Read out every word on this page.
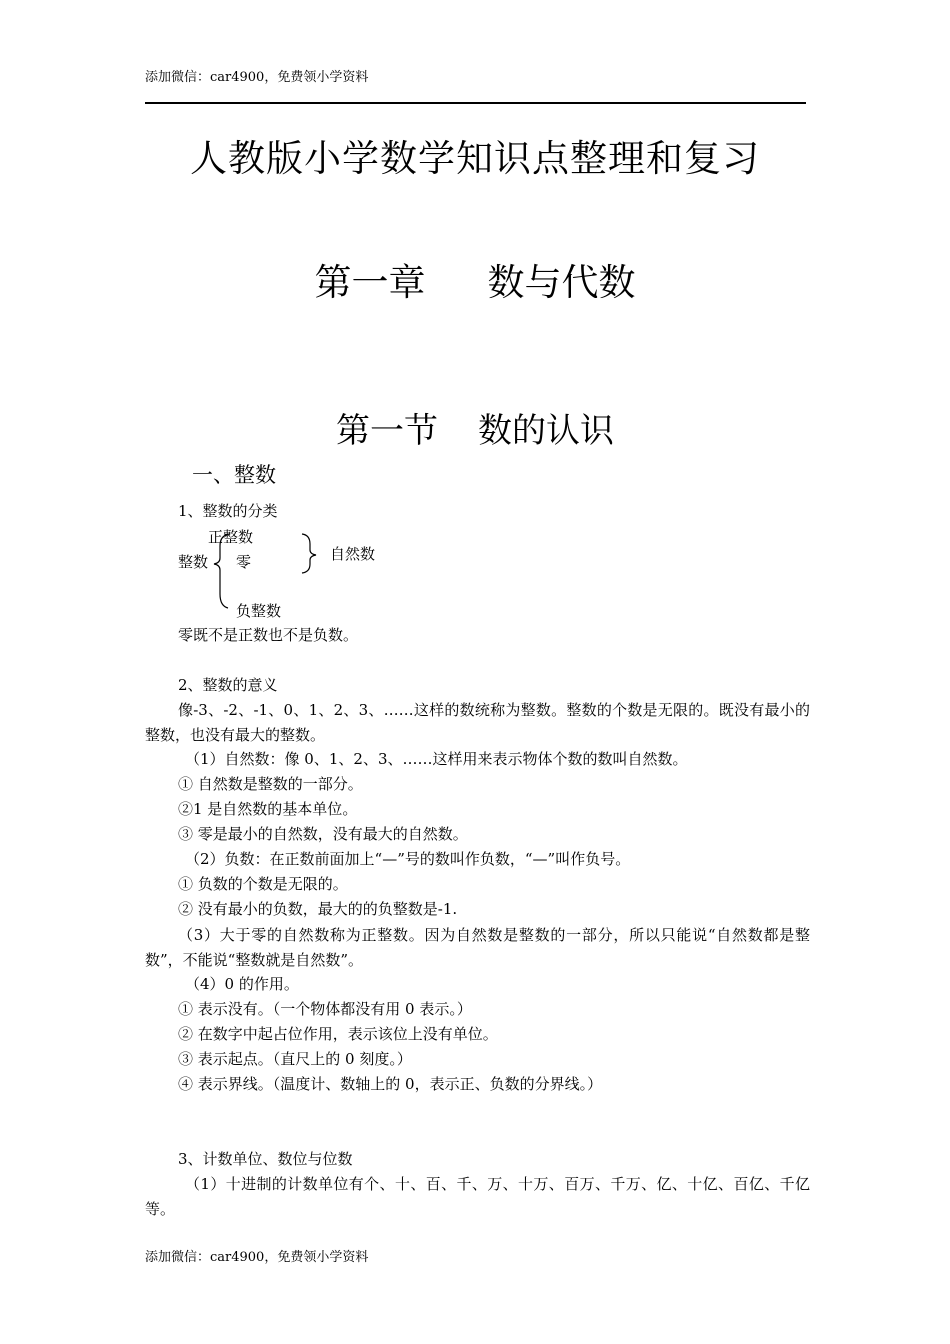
添加微信：car4900，免费领小学资料
人教版小学数学知识点整理和复习
第一章 数与代数
第一节 数的认识
一、整数
1、整数的分类
正整数
整数 零
负整数
自然数
零既不是正数也不是负数。
2、整数的意义
像-3、-2、-1、0、1、2、3、……这样的数统称为整数。整数的个数是无限的。既没有最小的整数，也没有最大的整数。
（1）自然数：像 0、1、2、3、……这样用来表示物体个数的数叫自然数。
① 自然数是整数的一部分。
②1 是自然数的基本单位。
③ 零是最小的自然数，没有最大的自然数。
（2）负数：在正数前面加上“—”号的数叫作负数，“—”叫作负号。
① 负数的个数是无限的。
② 没有最小的负数，最大的的负整数是-1.
（3）大于零的自然数称为正整数。因为自然数是整数的一部分，所以只能说“自然数都是整数”，不能说“整数就是自然数”。
（4）0 的作用。
① 表示没有。（一个物体都没有用 0 表示。）
② 在数字中起占位作用，表示该位上没有单位。
③ 表示起点。（直尺上的 0 刻度。）
④ 表示界线。（温度计、数轴上的 0，表示正、负数的分界线。）
3、计数单位、数位与位数
（1）十进制的计数单位有个、十、百、千、万、十万、百万、千万、亿、十亿、百亿、千亿等。
添加微信：car4900，免费领小学资料
